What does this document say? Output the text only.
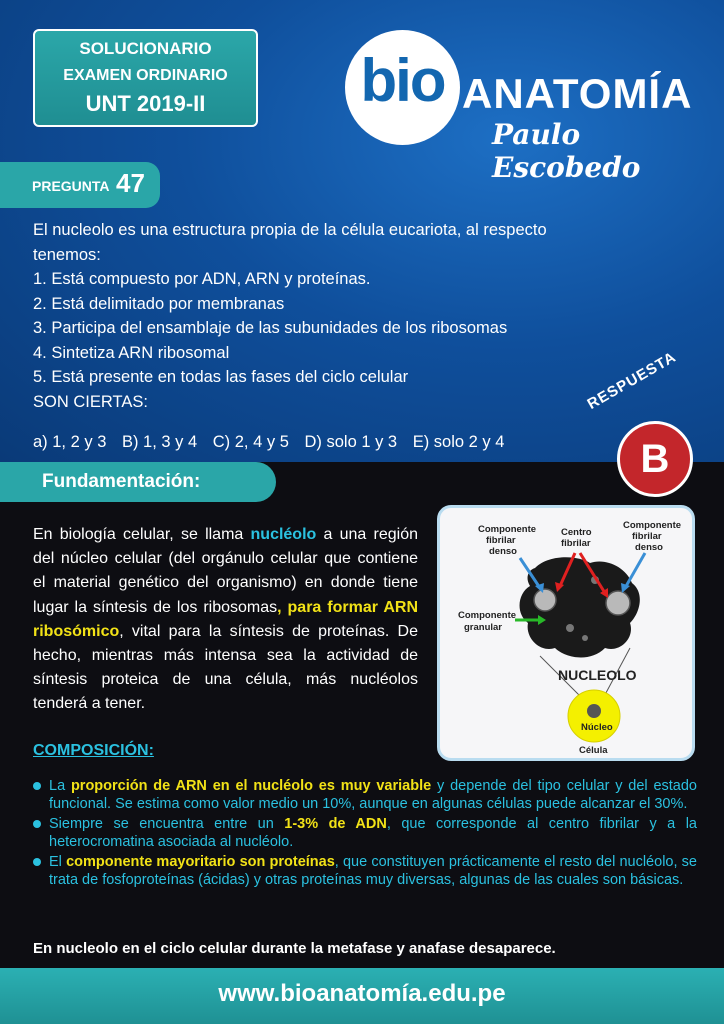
SOLUCIONARIO
EXAMEN ORDINARIO
UNT 2019-II	bio ANATOMÍA
Paulo Escobedo
PREGUNTA 47
El nucleolo es una estructura propia de la célula eucariota, al respecto
tenemos:
1. Está compuesto por ADN, ARN y proteínas.
2. Está delimitado por membranas
3. Participa del ensamblaje de las subunidades de los ribosomas
4. Sintetiza ARN ribosomal
5. Está presente en todas las fases del ciclo celular
SON CIERTAS:
a) 1, 2 y 3 B) 1, 3 y 4 C) 2, 4 y 5 D) solo 1 y 3 E) solo 2 y 4
RESPUESTA
B
Fundamentación:
En biología celular, se llama nucléolo a una región del núcleo celular (del orgánulo celular que contiene el material genético del organismo) en donde tiene lugar la síntesis de los ribosomas, para formar ARN ribosómico, vital para la síntesis de proteínas. De hecho, mientras más intensa sea la actividad de síntesis proteica de una célula, más nucléolos tenderá a tener.
Componente
fibrilar
denso
Centro
fibrilar
Componente
fibrilar
denso
Componente
granular
NUCLEOLO
Núcleo
Célula
COMPOSICIÓN:
La proporción de ARN en el nucléolo es muy variable y depende del tipo celular y del estado funcional. Se estima como valor medio un 10%, aunque en algunas células puede alcanzar el 30%.
Siempre se encuentra entre un 1-3% de ADN, que corresponde al centro fibrilar y a la heterocromatina asociada al nucléolo.
El componente mayoritario son proteínas, que constituyen prácticamente el resto del nucléolo, se trata de fosfoproteínas (ácidas) y otras proteínas muy diversas, algunas de las cuales son básicas.
En nucleolo en el ciclo celular durante la metafase y anafase desaparece.
www.bioanatomía.edu.pe
